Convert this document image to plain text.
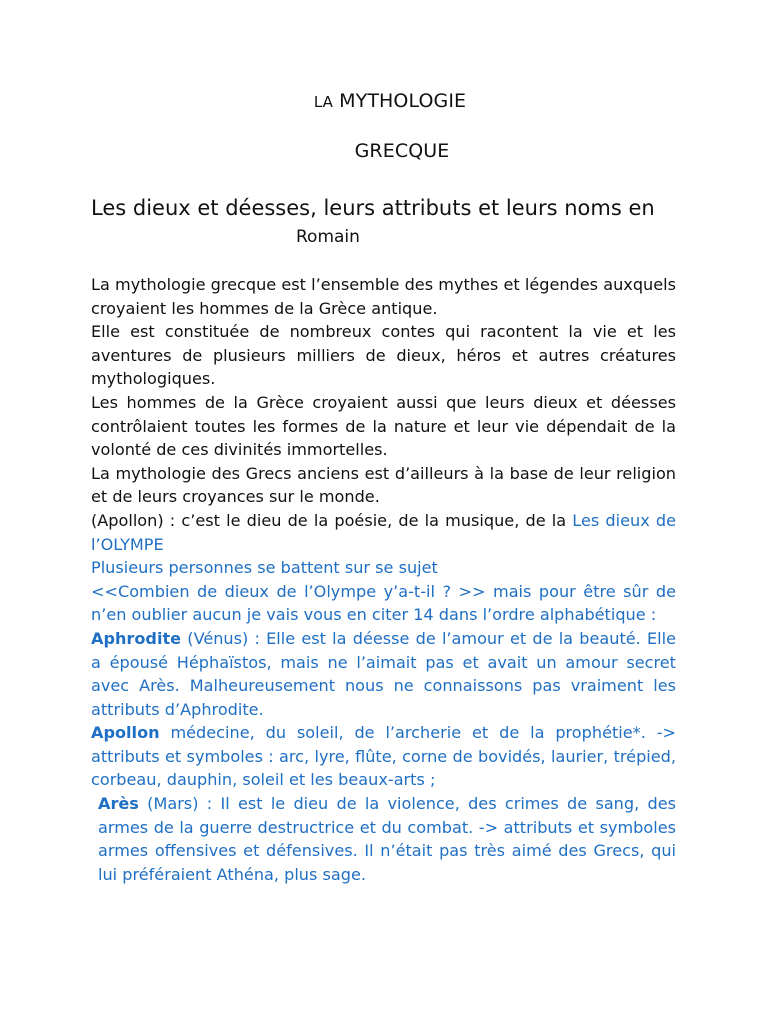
LA MYTHOLOGIE
GRECQUE
Les dieux et déesses, leurs attributs et leurs noms en
Romain

La mythologie grecque est l’ensemble des mythes et légendes auxquels croyaient les hommes de la Grèce antique.

Elle est constituée de nombreux contes qui racontent la vie et les aventures de plusieurs milliers de dieux, héros et autres créatures mythologiques.

Les hommes de la Grèce croyaient aussi que leurs dieux et déesses contrôlaient toutes les formes de la nature et leur vie dépendait de la volonté de ces divinités immortelles.

La mythologie des Grecs anciens est d’ailleurs à la base de leur religion et de leurs croyances sur le monde.

(Apollon) : c’est le dieu de la poésie, de la musique, de la Les dieux de l’OLYMPE

Plusieurs personnes se battent sur se sujet

<<Combien de dieux de l’Olympe y’a-t-il ? >> mais pour être sûr de n’en oublier aucun je vais vous en citer 14 dans l’ordre alphabétique :

Aphrodite (Vénus) : Elle est la déesse de l’amour et de la beauté. Elle a épousé Héphaïstos, mais ne l’aimait pas et avait un amour secret avec Arès. Malheureusement nous ne connaissons pas vraiment les attributs d’Aphrodite.

Apollon médecine, du soleil, de l’archerie et de la prophétie*. -> attributs et symboles : arc, lyre, flûte, corne de bovidés, laurier, trépied, corbeau, dauphin, soleil et les beaux-arts ;

Arès (Mars) : Il est le dieu de la violence, des crimes de sang, des armes de la guerre destructrice et du combat. -> attributs et symboles armes offensives et défensives. Il n’était pas très aimé des Grecs, qui lui préféraient Athéna, plus sage.
